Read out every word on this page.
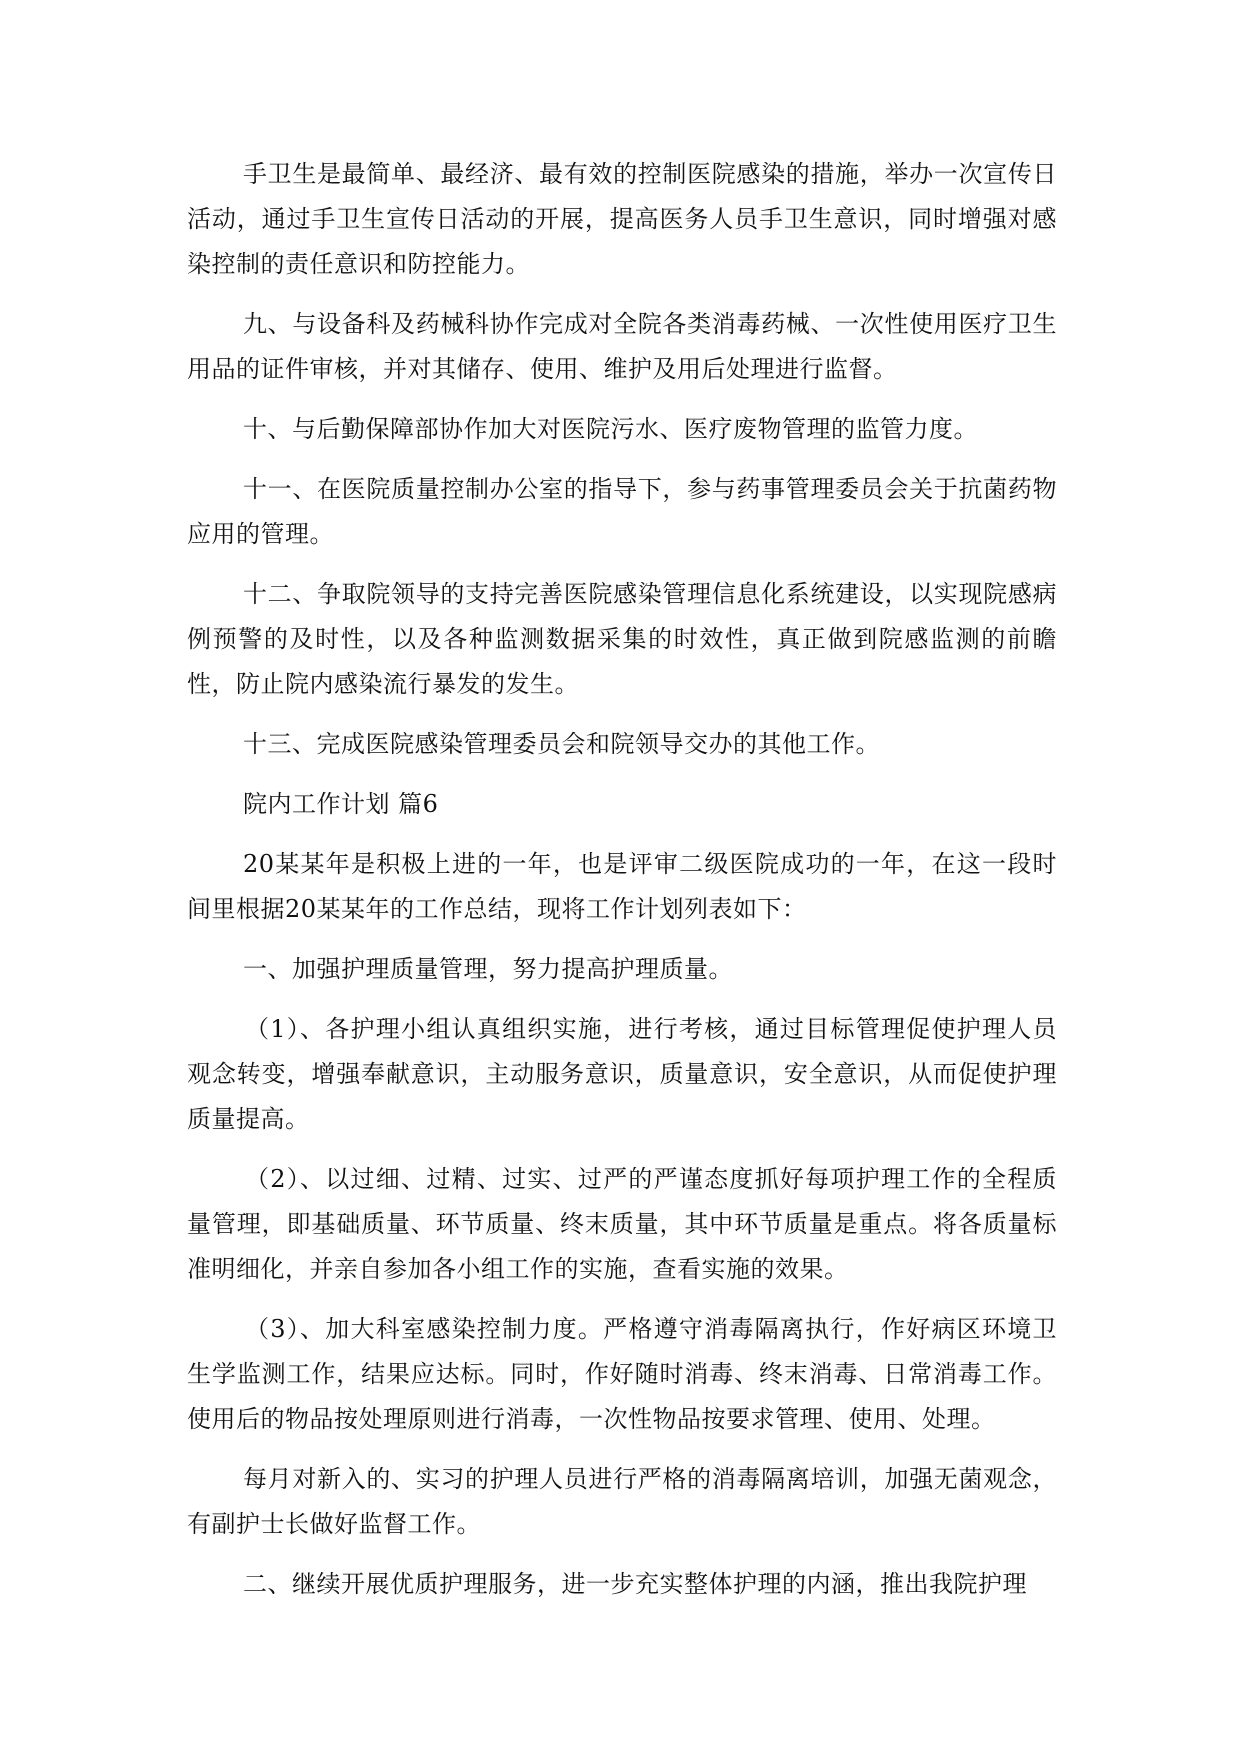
手卫生是最简单、最经济、最有效的控制医院感染的措施，举办一次宣传日活动，通过手卫生宣传日活动的开展，提高医务人员手卫生意识，同时增强对感染控制的责任意识和防控能力。

九、与设备科及药械科协作完成对全院各类消毒药械、一次性使用医疗卫生用品的证件审核，并对其储存、使用、维护及用后处理进行监督。

十、与后勤保障部协作加大对医院污水、医疗废物管理的监管力度。

十一、在医院质量控制办公室的指导下，参与药事管理委员会关于抗菌药物应用的管理。

十二、争取院领导的支持完善医院感染管理信息化系统建设，以实现院感病例预警的及时性，以及各种监测数据采集的时效性，真正做到院感监测的前瞻性，防止院内感染流行暴发的发生。

十三、完成医院感染管理委员会和院领导交办的其他工作。

院内工作计划 篇6

20某某年是积极上进的一年，也是评审二级医院成功的一年，在这一段时间里根据20某某年的工作总结，现将工作计划列表如下：

一、加强护理质量管理，努力提高护理质量。

（1）、各护理小组认真组织实施，进行考核，通过目标管理促使护理人员观念转变，增强奉献意识，主动服务意识，质量意识，安全意识，从而促使护理质量提高。

（2）、以过细、过精、过实、过严的严谨态度抓好每项护理工作的全程质量管理，即基础质量、环节质量、终末质量，其中环节质量是重点。将各质量标准明细化，并亲自参加各小组工作的实施，查看实施的效果。

（3）、加大科室感染控制力度。严格遵守消毒隔离执行，作好病区环境卫生学监测工作，结果应达标。同时，作好随时消毒、终末消毒、日常消毒工作。使用后的物品按处理原则进行消毒，一次性物品按要求管理、使用、处理。

每月对新入的、实习的护理人员进行严格的消毒隔离培训，加强无菌观念，有副护士长做好监督工作。

二、继续开展优质护理服务，进一步充实整体护理的内涵，推出我院护理
